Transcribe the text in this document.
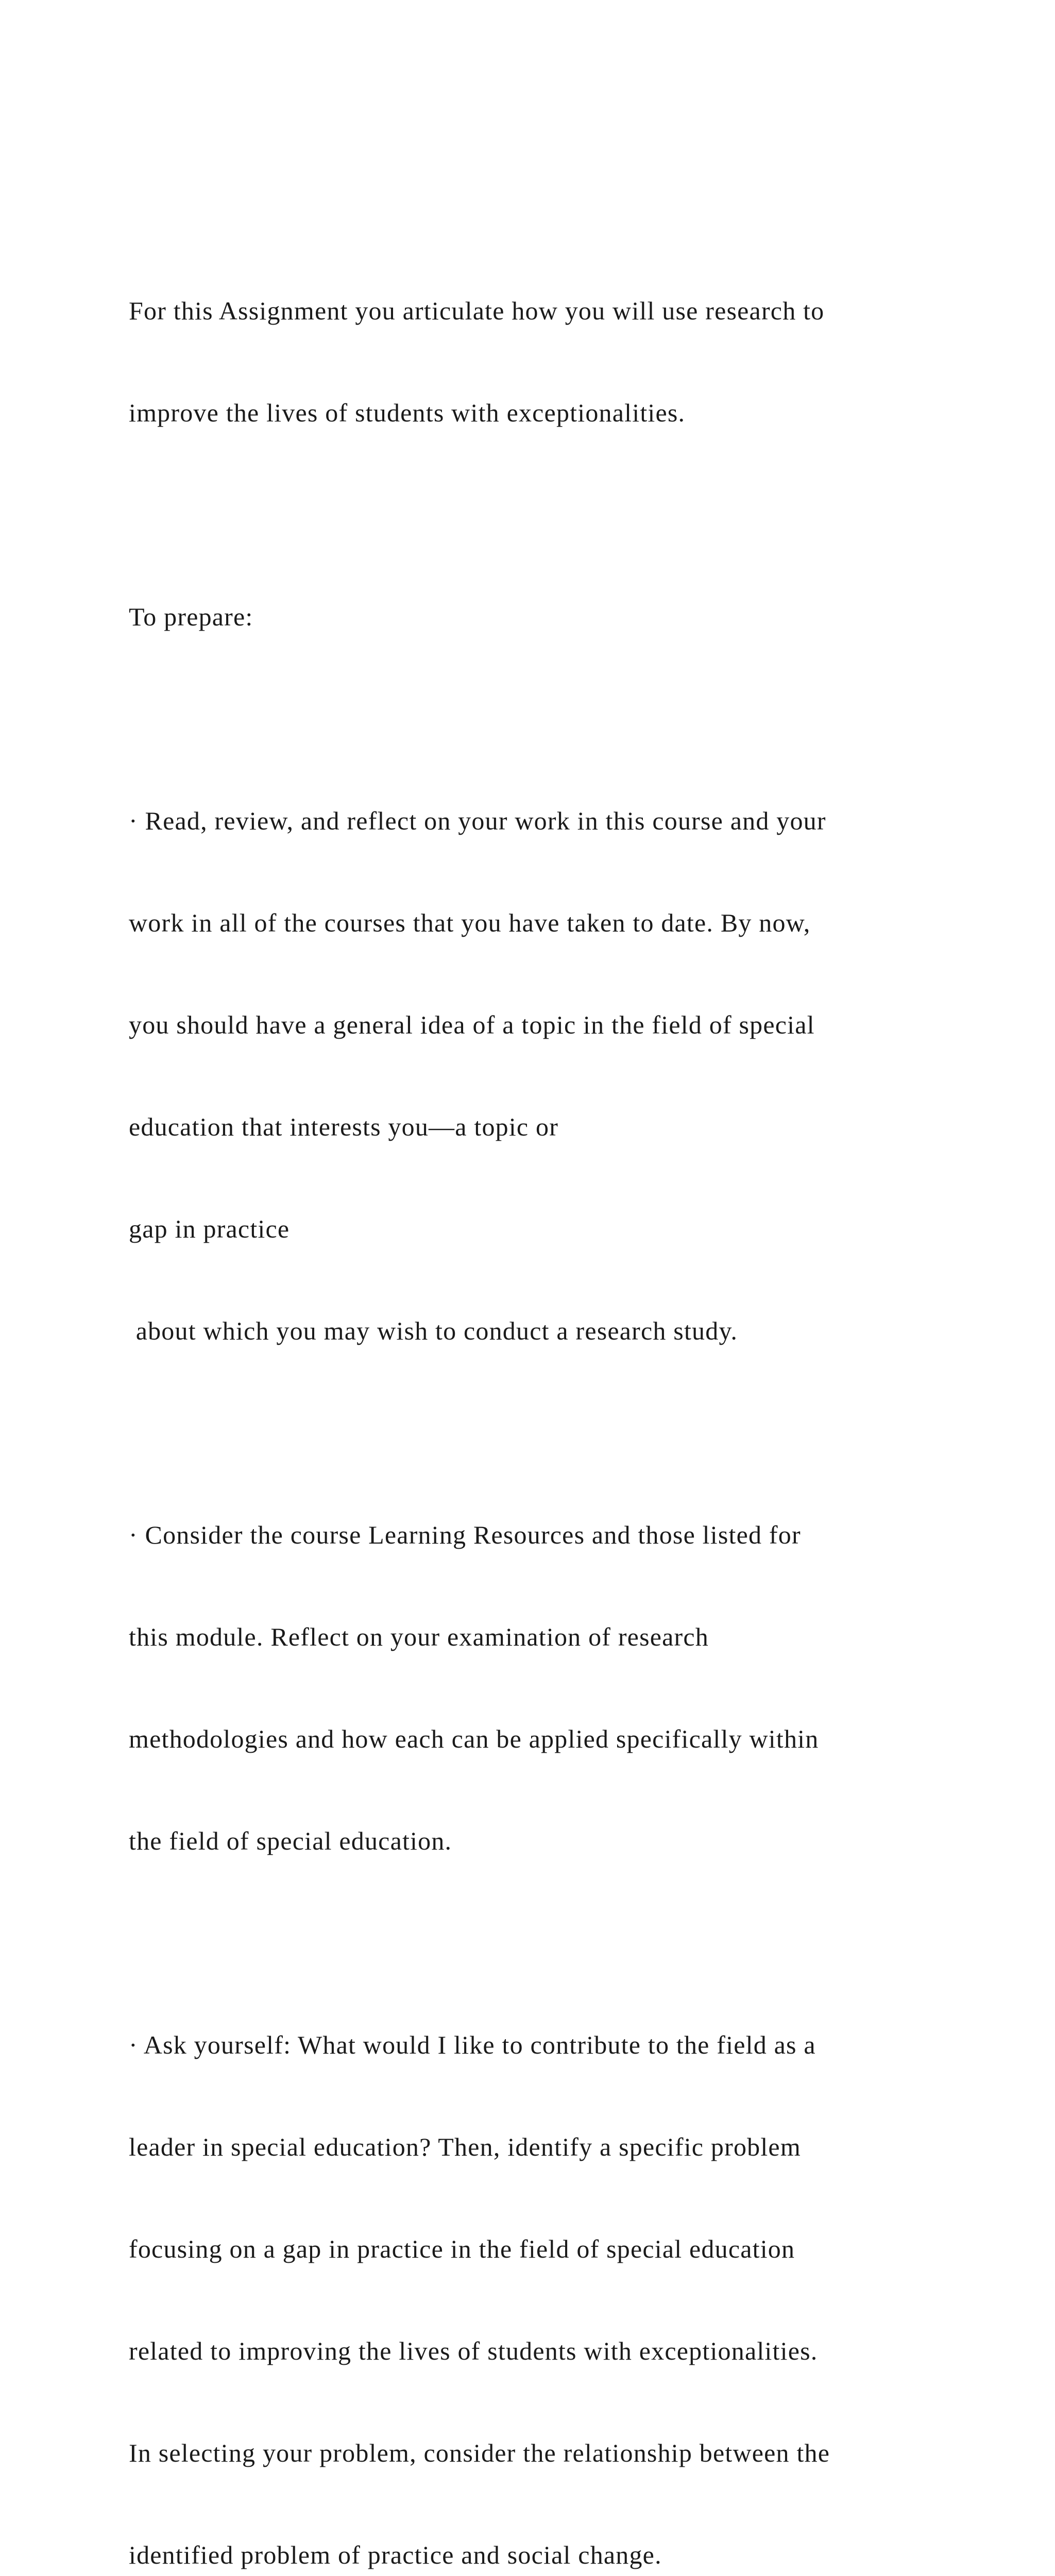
For this Assignment you articulate how you will use research to

improve the lives of students with exceptionalities.

To prepare:

· Read, review, and reflect on your work in this course and your

work in all of the courses that you have taken to date. By now,

you should have a general idea of a topic in the field of special

education that interests you—a topic or

gap in practice

about which you may wish to conduct a research study.

· Consider the course Learning Resources and those listed for

this module. Reflect on your examination of research

methodologies and how each can be applied specifically within

the field of special education.

· Ask yourself: What would I like to contribute to the field as a

leader in special education? Then, identify a specific problem

focusing on a gap in practice in the field of special education

related to improving the lives of students with exceptionalities.

In selecting your problem, consider the relationship between the

identified problem of practice and social change.
